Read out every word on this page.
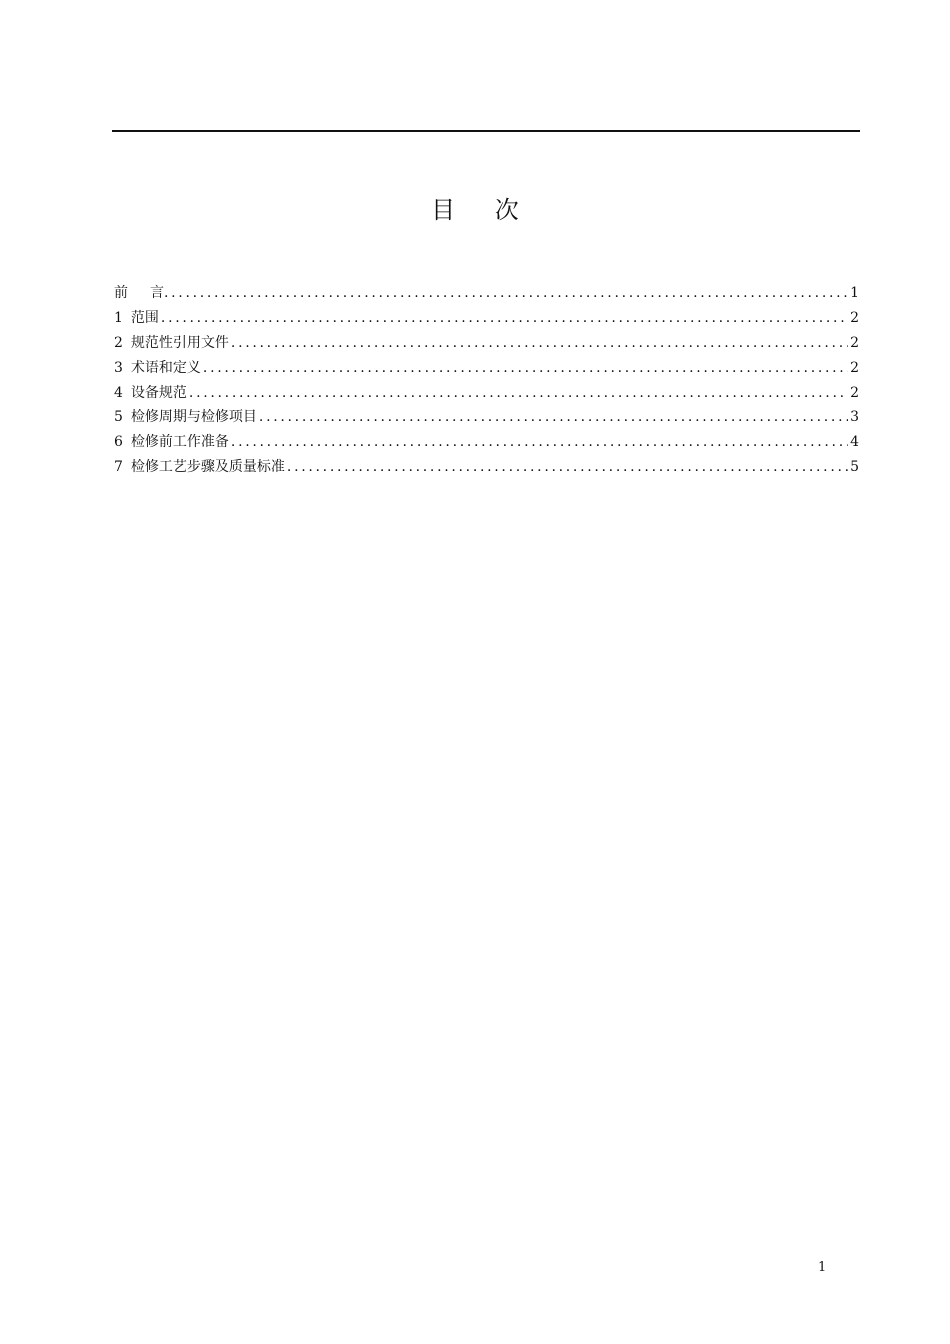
目 次
前言 .....	1
1 范围 .....	2
2 规范性引用文件 .....	2
3 术语和定义 .....	2
4 设备规范 .....	2
5 检修周期与检修项目 .....	3
6 检修前工作准备 .....	4
7 检修工艺步骤及质量标准 .....	5
1
